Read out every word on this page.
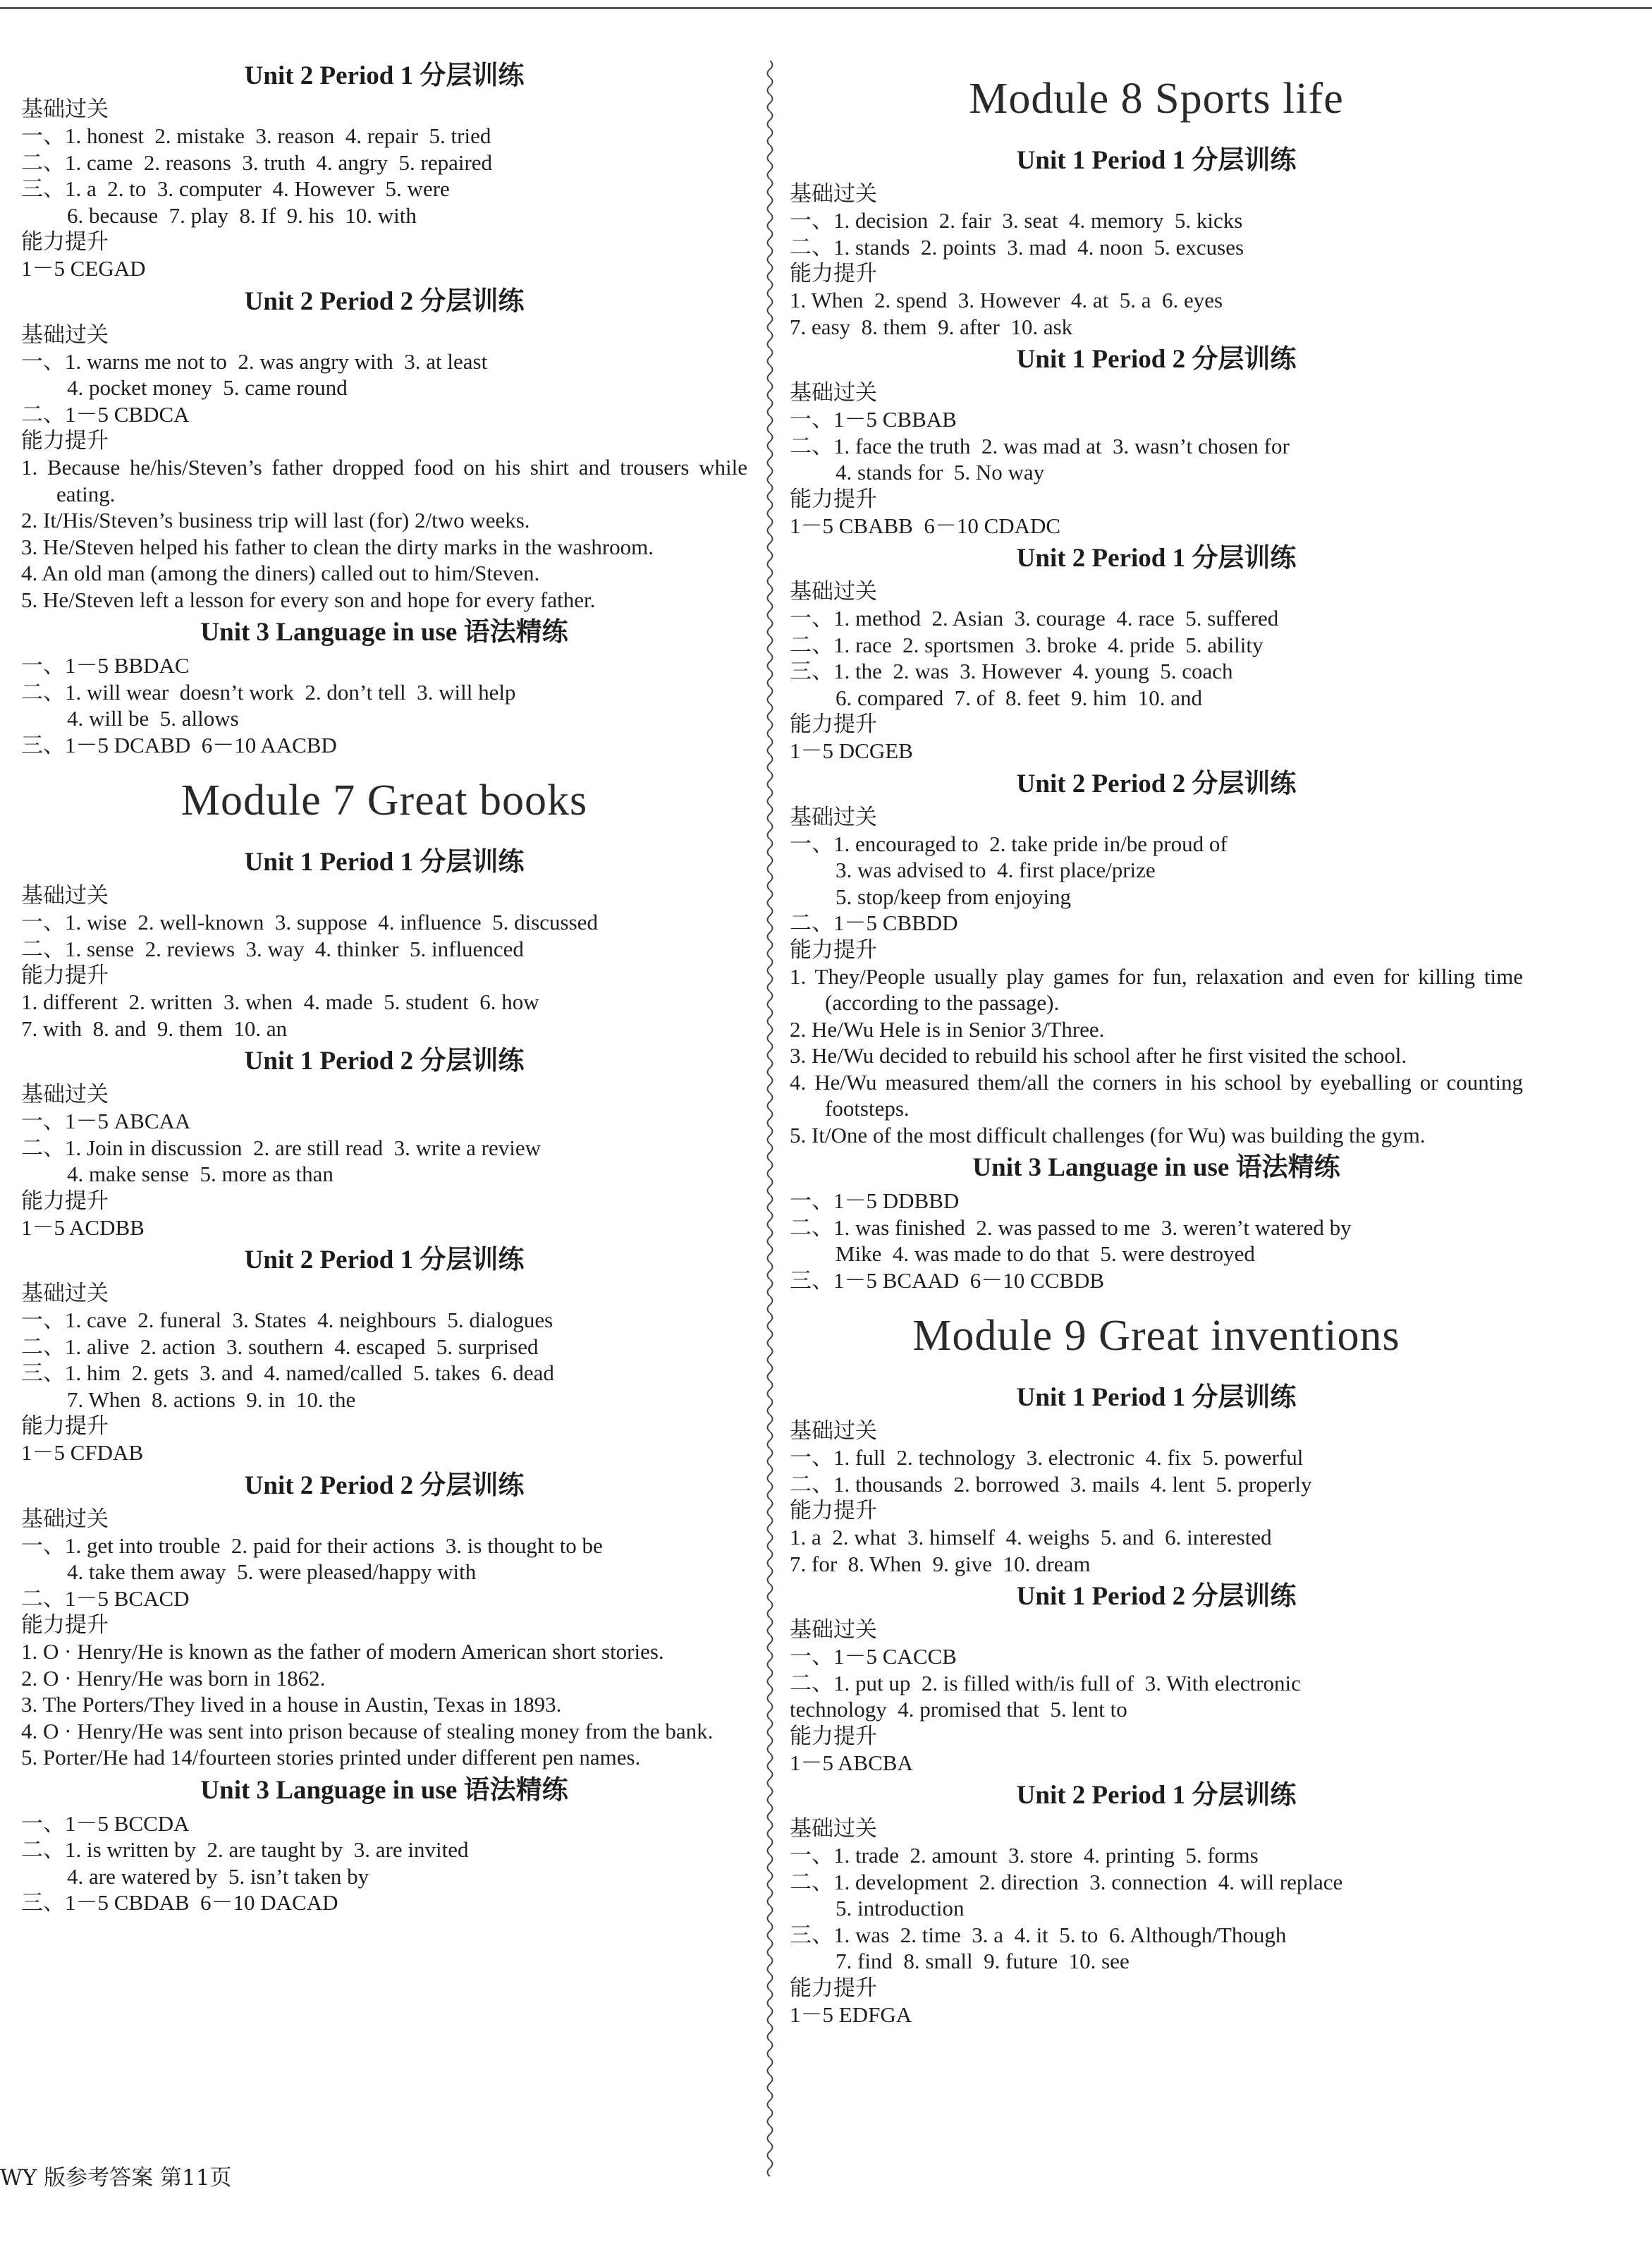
Unit 2 Period 1 分层训练
基础过关
一、1. honest  2. mistake  3. reason  4. repair  5. tried
二、1. came  2. reasons  3. truth  4. angry  5. repaired
三、1. a  2. to  3. computer  4. However  5. were
6. because  7. play  8. If  9. his  10. with
能力提升
1－5 CEGAD
Unit 2 Period 2 分层训练
基础过关
一、1. warns me not to  2. was angry with  3. at least
4. pocket money  5. came round
二、1－5 CBDCA
能力提升
1. Because he/his/Steven’s father dropped food on his shirt and trousers while eating.
2. It/His/Steven’s business trip will last (for) 2/two weeks.
3. He/Steven helped his father to clean the dirty marks in the washroom.
4. An old man (among the diners) called out to him/Steven.
5. He/Steven left a lesson for every son and hope for every father.
Unit 3 Language in use 语法精练
一、1－5 BBDAC
二、1. will wear  doesn’t work  2. don’t tell  3. will help
4. will be  5. allows
三、1－5 DCABD  6－10 AACBD
Module 7 Great books
Unit 1 Period 1 分层训练
基础过关
一、1. wise  2. well-known  3. suppose  4. influence  5. discussed
二、1. sense  2. reviews  3. way  4. thinker  5. influenced
能力提升
1. different  2. written  3. when  4. made  5. student  6. how
7. with  8. and  9. them  10. an
Unit 1 Period 2 分层训练
基础过关
一、1－5 ABCAA
二、1. Join in discussion  2. are still read  3. write a review
4. make sense  5. more as than
能力提升
1－5 ACDBB
Unit 2 Period 1 分层训练
基础过关
一、1. cave  2. funeral  3. States  4. neighbours  5. dialogues
二、1. alive  2. action  3. southern  4. escaped  5. surprised
三、1. him  2. gets  3. and  4. named/called  5. takes  6. dead
7. When  8. actions  9. in  10. the
能力提升
1－5 CFDAB
Unit 2 Period 2 分层训练
基础过关
一、1. get into trouble  2. paid for their actions  3. is thought to be
4. take them away  5. were pleased/happy with
二、1－5 BCACD
能力提升
1. O · Henry/He is known as the father of modern American short stories.
2. O · Henry/He was born in 1862.
3. The Porters/They lived in a house in Austin, Texas in 1893.
4. O · Henry/He was sent into prison because of stealing money from the bank.
5. Porter/He had 14/fourteen stories printed under different pen names.
Unit 3 Language in use 语法精练
一、1－5 BCCDA
二、1. is written by  2. are taught by  3. are invited
4. are watered by  5. isn’t taken by
三、1－5 CBDAB  6－10 DACAD
Module 8 Sports life
Unit 1 Period 1 分层训练
基础过关
一、1. decision  2. fair  3. seat  4. memory  5. kicks
二、1. stands  2. points  3. mad  4. noon  5. excuses
能力提升
1. When  2. spend  3. However  4. at  5. a  6. eyes
7. easy  8. them  9. after  10. ask
Unit 1 Period 2 分层训练
基础过关
一、1－5 CBBAB
二、1. face the truth  2. was mad at  3. wasn’t chosen for
4. stands for  5. No way
能力提升
1－5 CBABB  6－10 CDADC
Unit 2 Period 1 分层训练
基础过关
一、1. method  2. Asian  3. courage  4. race  5. suffered
二、1. race  2. sportsmen  3. broke  4. pride  5. ability
三、1. the  2. was  3. However  4. young  5. coach
6. compared  7. of  8. feet  9. him  10. and
能力提升
1－5 DCGEB
Unit 2 Period 2 分层训练
基础过关
一、1. encouraged to  2. take pride in/be proud of
3. was advised to  4. first place/prize
5. stop/keep from enjoying
二、1－5 CBBDD
能力提升
1. They/People usually play games for fun, relaxation and even for killing time (according to the passage).
2. He/Wu Hele is in Senior 3/Three.
3. He/Wu decided to rebuild his school after he first visited the school.
4. He/Wu measured them/all the corners in his school by eyeballing or counting footsteps.
5. It/One of the most difficult challenges (for Wu) was building the gym.
Unit 3 Language in use 语法精练
一、1－5 DDBBD
二、1. was finished  2. was passed to me  3. weren’t watered by
Mike  4. was made to do that  5. were destroyed
三、1－5 BCAAD  6－10 CCBDB
Module 9 Great inventions
Unit 1 Period 1 分层训练
基础过关
一、1. full  2. technology  3. electronic  4. fix  5. powerful
二、1. thousands  2. borrowed  3. mails  4. lent  5. properly
能力提升
1. a  2. what  3. himself  4. weighs  5. and  6. interested
7. for  8. When  9. give  10. dream
Unit 1 Period 2 分层训练
基础过关
一、1－5 CACCB
二、1. put up  2. is filled with/is full of  3. With electronic
technology  4. promised that  5. lent to
能力提升
1－5 ABCBA
Unit 2 Period 1 分层训练
基础过关
一、1. trade  2. amount  3. store  4. printing  5. forms
二、1. development  2. direction  3. connection  4. will replace
5. introduction
三、1. was  2. time  3. a  4. it  5. to  6. Although/Though
7. find  8. small  9. future  10. see
能力提升
1－5 EDFGA
WY 版参考答案 第11页
